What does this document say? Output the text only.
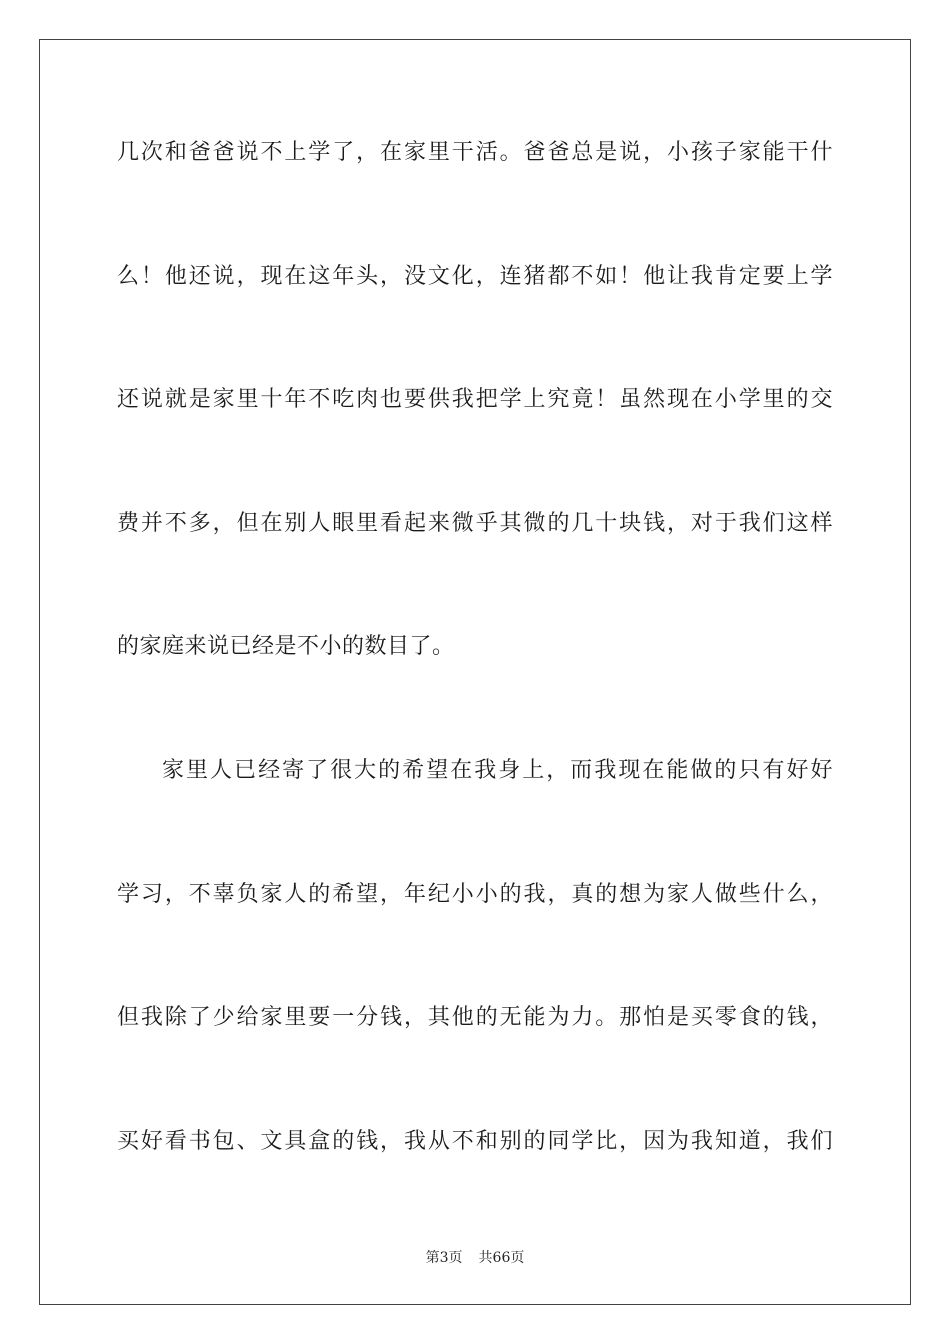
几次和爸爸说不上学了，在家里干活。爸爸总是说，小孩子家能干什
么！他还说，现在这年头，没文化，连猪都不如！他让我肯定要上学
还说就是家里十年不吃肉也要供我把学上究竟！虽然现在小学里的交
费并不多，但在别人眼里看起来微乎其微的几十块钱，对于我们这样
的家庭来说已经是不小的数目了。
家里人已经寄了很大的希望在我身上，而我现在能做的只有好好
学习，不辜负家人的希望，年纪小小的我，真的想为家人做些什么，
但我除了少给家里要一分钱，其他的无能为力。那怕是买零食的钱，
买好看书包、文具盒的钱，我从不和别的同学比，因为我知道，我们
第3页 共66页
